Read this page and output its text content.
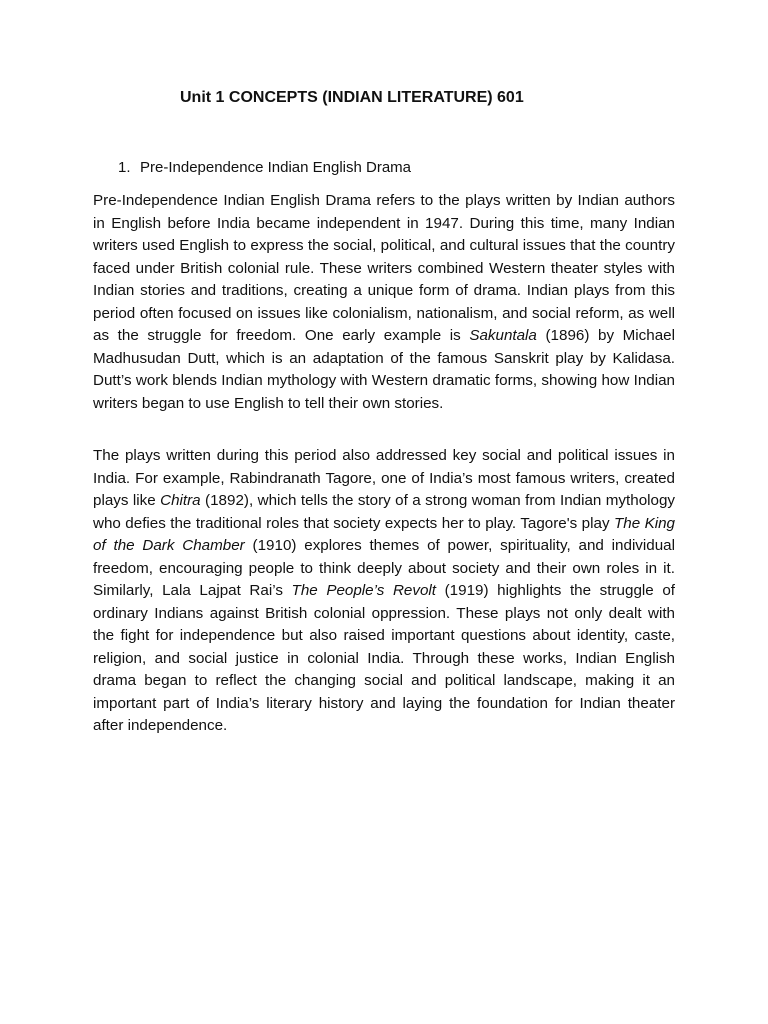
Unit 1 CONCEPTS (INDIAN LITERATURE) 601
1. Pre-Independence Indian English Drama

Pre-Independence Indian English Drama refers to the plays written by Indian authors in English before India became independent in 1947. During this time, many Indian writers used English to express the social, political, and cultural issues that the country faced under British colonial rule. These writers combined Western theater styles with Indian stories and traditions, creating a unique form of drama. Indian plays from this period often focused on issues like colonialism, nationalism, and social reform, as well as the struggle for freedom. One early example is Sakuntala (1896) by Michael Madhusudan Dutt, which is an adaptation of the famous Sanskrit play by Kalidasa. Dutt’s work blends Indian mythology with Western dramatic forms, showing how Indian writers began to use English to tell their own stories.

The plays written during this period also addressed key social and political issues in India. For example, Rabindranath Tagore, one of India’s most famous writers, created plays like Chitra (1892), which tells the story of a strong woman from Indian mythology who defies the traditional roles that society expects her to play. Tagore's play The King of the Dark Chamber (1910) explores themes of power, spirituality, and individual freedom, encouraging people to think deeply about society and their own roles in it. Similarly, Lala Lajpat Rai’s The People’s Revolt (1919) highlights the struggle of ordinary Indians against British colonial oppression. These plays not only dealt with the fight for independence but also raised important questions about identity, caste, religion, and social justice in colonial India. Through these works, Indian English drama began to reflect the changing social and political landscape, making it an important part of India’s literary history and laying the foundation for Indian theater after independence.
